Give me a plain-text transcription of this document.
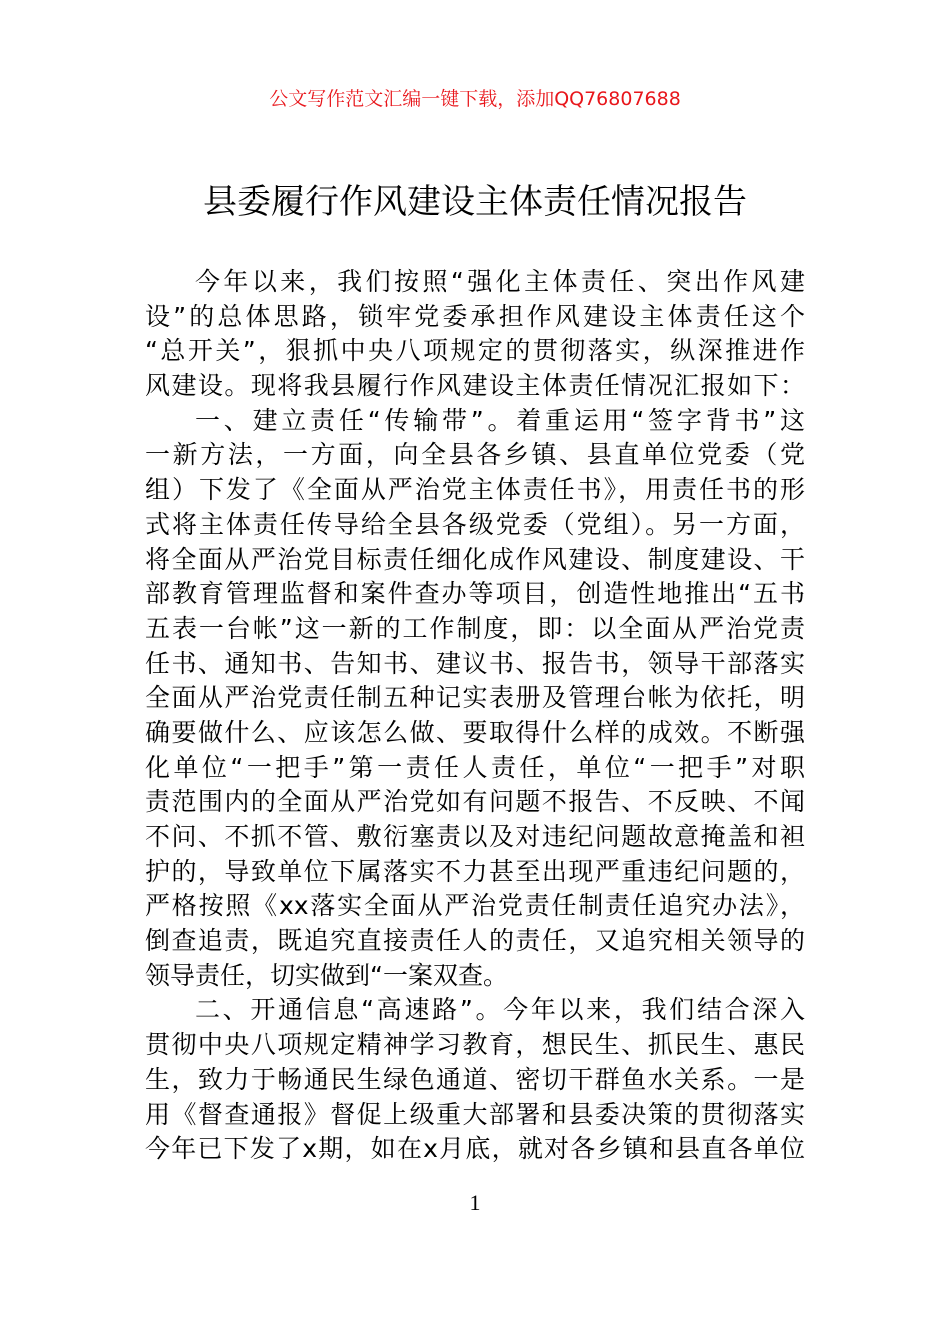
公文写作范文汇编一键下载，添加QQ76807688
县委履行作风建设主体责任情况报告
今年以来，我们按照“强化主体责任、突出作风建
设”的总体思路，锁牢党委承担作风建设主体责任这个
“总开关”，狠抓中央八项规定的贯彻落实，纵深推进作
风建设。现将我县履行作风建设主体责任情况汇报如下：
一、建立责任“传输带”。着重运用“签字背书”这
一新方法，一方面，向全县各乡镇、县直单位党委（党
组）下发了《全面从严治党主体责任书》，用责任书的形
式将主体责任传导给全县各级党委（党组）。另一方面，
将全面从严治党目标责任细化成作风建设、制度建设、干
部教育管理监督和案件查办等项目，创造性地推出“五书
五表一台帐”这一新的工作制度，即：以全面从严治党责
任书、通知书、告知书、建议书、报告书，领导干部落实
全面从严治党责任制五种记实表册及管理台帐为依托，明
确要做什么、应该怎么做、要取得什么样的成效。不断强
化单位“一把手”第一责任人责任，单位“一把手”对职
责范围内的全面从严治党如有问题不报告、不反映、不闻
不问、不抓不管、敷衍塞责以及对违纪问题故意掩盖和袒
护的，导致单位下属落实不力甚至出现严重违纪问题的，
严格按照《xx落实全面从严治党责任制责任追究办法》，
倒查追责，既追究直接责任人的责任，又追究相关领导的
领导责任，切实做到“一案双查。
二、开通信息“高速路”。今年以来，我们结合深入
贯彻中央八项规定精神学习教育，想民生、抓民生、惠民
生，致力于畅通民生绿色通道、密切干群鱼水关系。一是
用《督查通报》督促上级重大部署和县委决策的贯彻落实
今年已下发了x期，如在x月底，就对各乡镇和县直各单位
1
